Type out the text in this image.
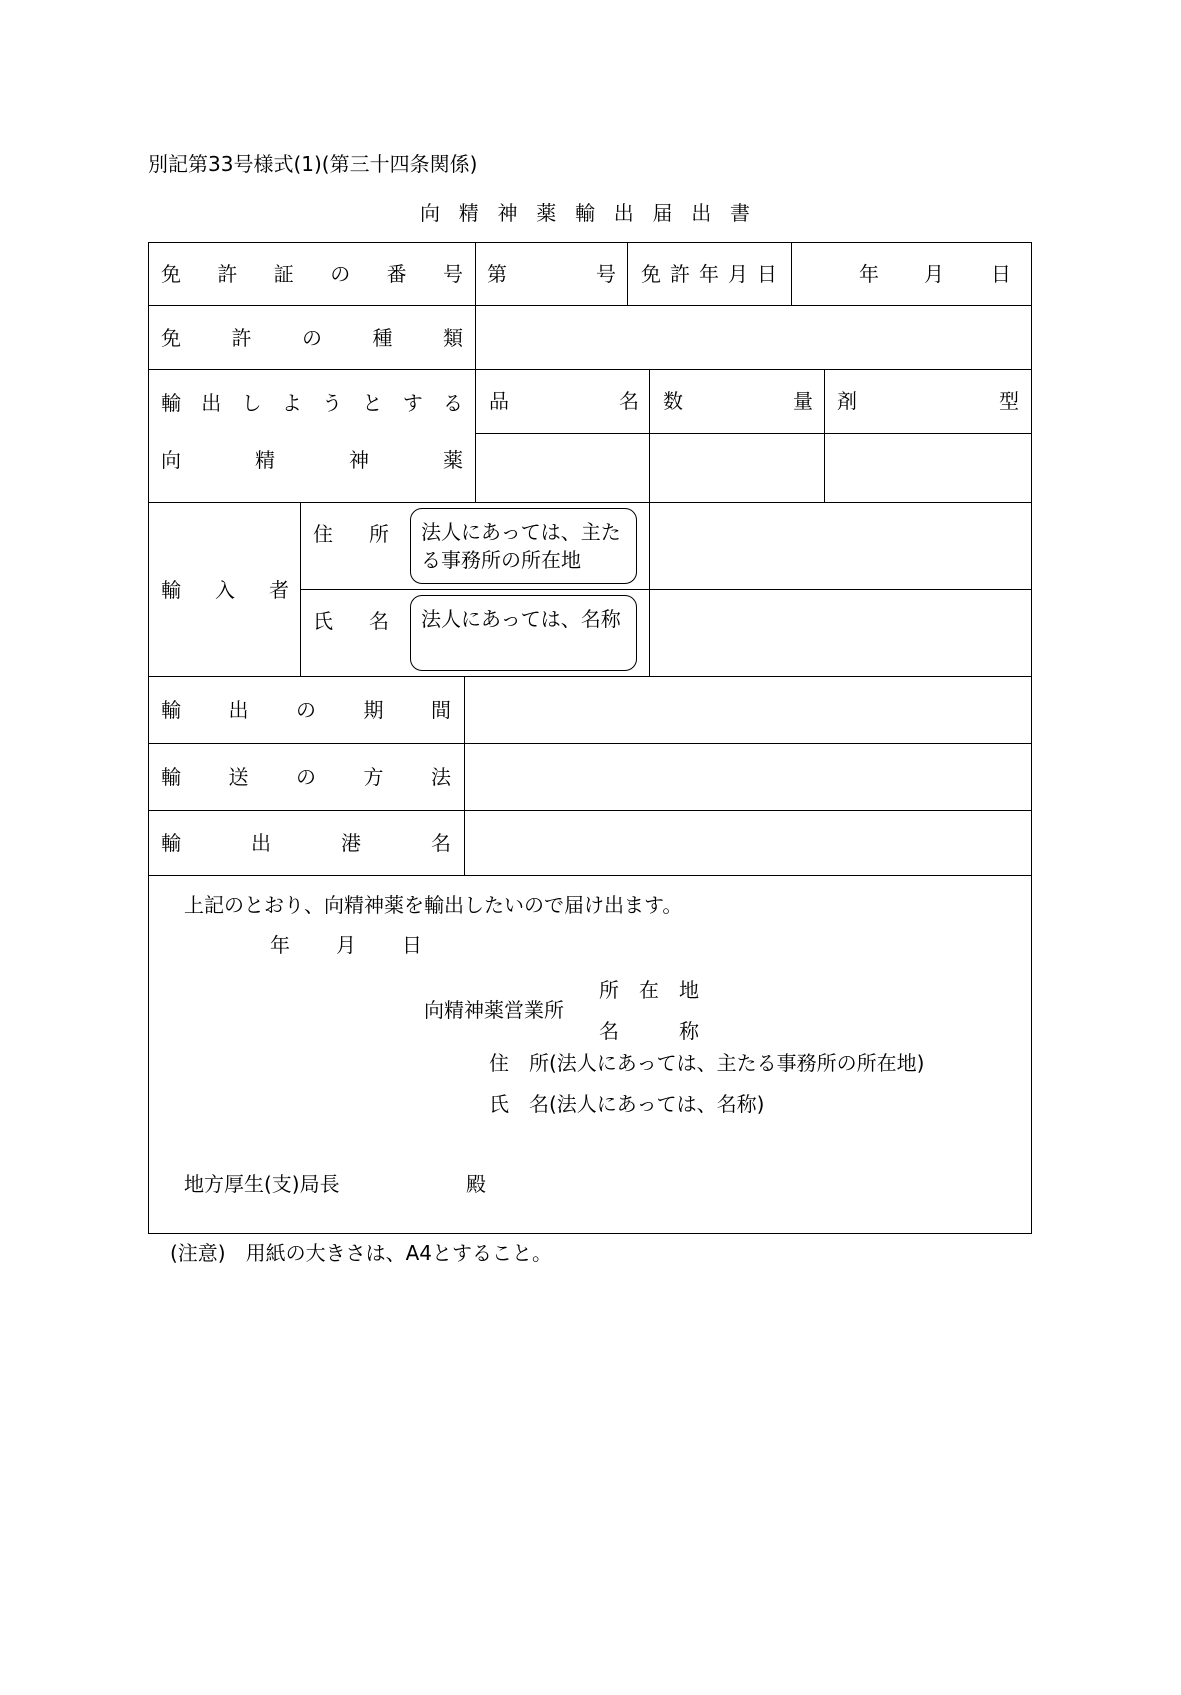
別記第33号様式(1)(第三十四条関係)
向精神薬輸出届出書
免許証の番号 第	号 免許年月日	年 月 日
免許の種類
輸出しようとする
向精神薬
品名 数量 剤型
輸入者
住所 法人にあっては、主たる事務所の所在地
氏名 法人にあっては、名称
輸出の期間
輸送の方法
輸出港名
上記のとおり、向精神薬を輸出したいので届け出ます。
年 月 日
所在地
向精神薬営業所
名称
住　所(法人にあっては、主たる事務所の所在地)
氏　名(法人にあっては、名称)
地方厚生(支)局長	殿
(注意)　用紙の大きさは、A4とすること。
